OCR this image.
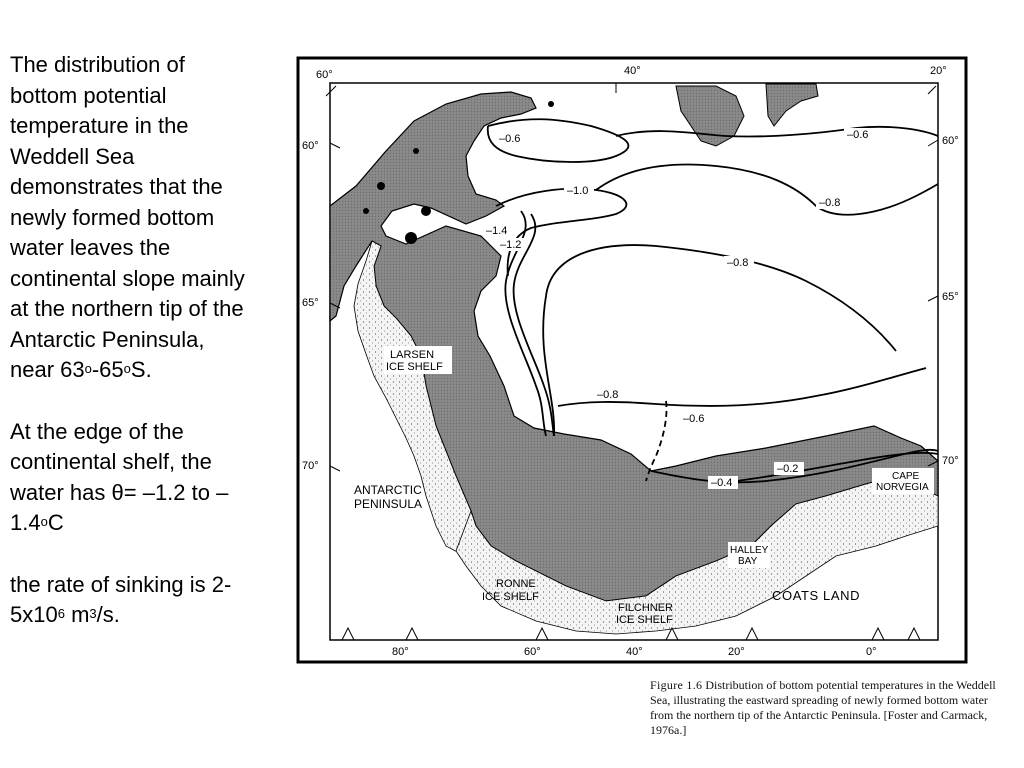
The distribution of bottom potential temperature in the Weddell Sea demonstrates that the newly formed bottom water leaves the continental slope mainly at the northern tip of the Antarctic Peninsula, near 63$^o$-65$^o$S.

At the edge of the continental shelf, the water has θ= –1.2 to –1.4$^o$C

the rate of sinking is $2-5x10^6$ $m^3/s$.

–0.6	–0.6
–1.0
–0.8
–1.4
–1.2
–0.8
–0.8
–0.6
–0.4
–0.2
LARSEN
ICE SHELF
ANTARCTIC
PENINSULA
RONNE
ICE SHELF
FILCHNER
ICE SHELF
HALLEY
BAY
CAPE
NORVEGIA
COATS LAND
60°	40°	20°
80°	60°	40°	20°	0°
60°
65°
70°
60°
65°
70°
Figure 1.6 Distribution of bottom potential temperatures in the Weddell Sea, illustrating the eastward spreading of newly formed bottom water from the northern tip of the Antarctic Peninsula. [Foster and Carmack, 1976a.]
